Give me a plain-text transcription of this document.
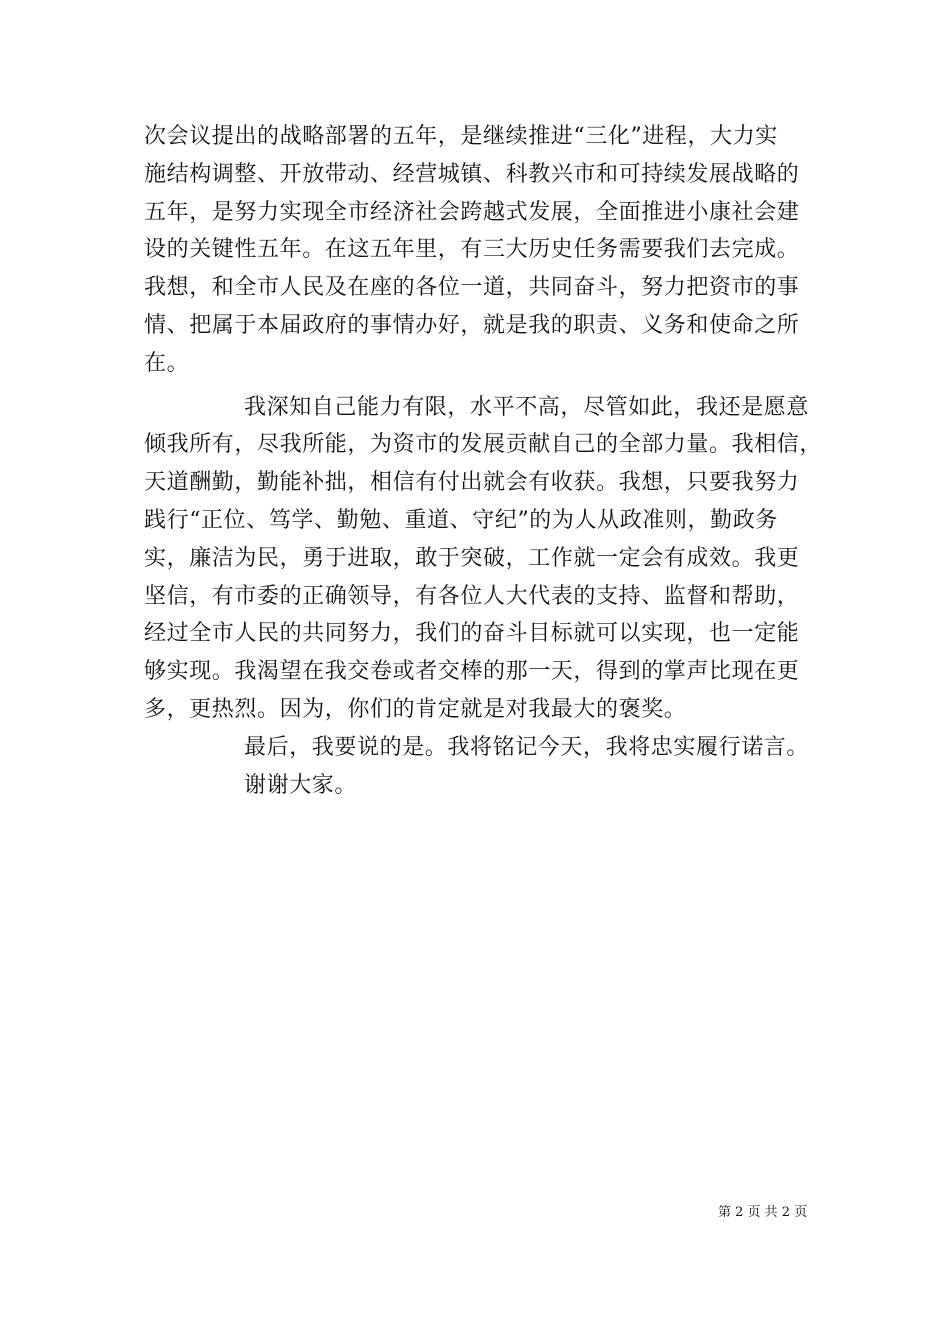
次会议提出的战略部署的五年，是继续推进“三化”进程，大力实
施结构调整、开放带动、经营城镇、科教兴市和可持续发展战略的
五年，是努力实现全市经济社会跨越式发展，全面推进小康社会建
设的关键性五年。在这五年里，有三大历史任务需要我们去完成。
我想，和全市人民及在座的各位一道，共同奋斗，努力把资市的事
情、把属于本届政府的事情办好，就是我的职责、义务和使命之所
在。
我深知自己能力有限，水平不高，尽管如此，我还是愿意
倾我所有，尽我所能，为资市的发展贡献自己的全部力量。我相信，
天道酬勤，勤能补拙，相信有付出就会有收获。我想，只要我努力
践行“正位、笃学、勤勉、重道、守纪”的为人从政准则，勤政务
实，廉洁为民，勇于进取，敢于突破，工作就一定会有成效。我更
坚信，有市委的正确领导，有各位人大代表的支持、监督和帮助，
经过全市人民的共同努力，我们的奋斗目标就可以实现，也一定能
够实现。我渴望在我交卷或者交棒的那一天，得到的掌声比现在更
多，更热烈。因为，你们的肯定就是对我最大的褒奖。
最后，我要说的是。我将铭记今天，我将忠实履行诺言。
谢谢大家。
第 2 页 共 2 页
